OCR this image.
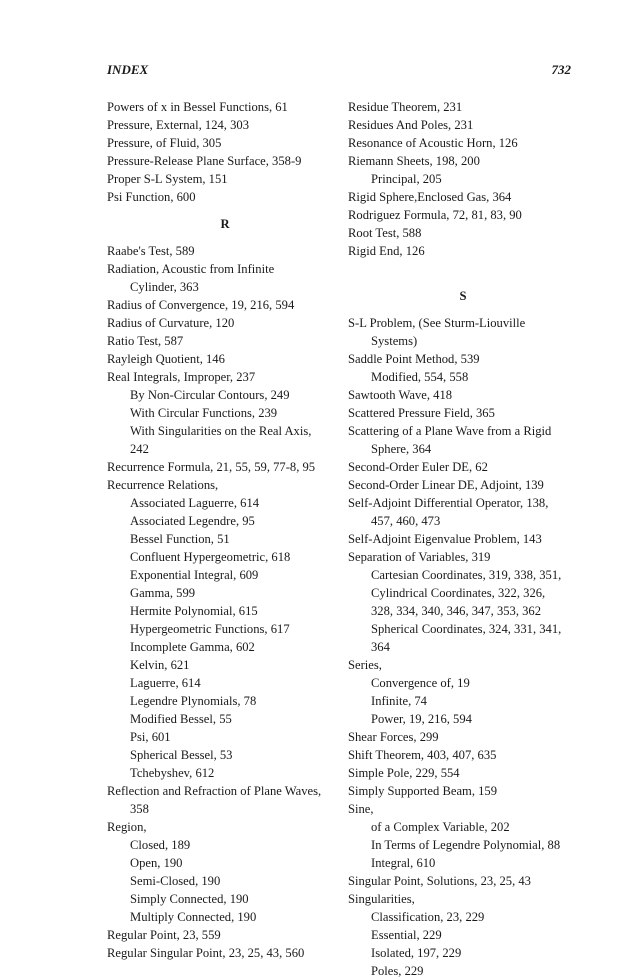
INDEX	732
Powers of x in Bessel Functions, 61
Pressure, External, 124, 303
Pressure, of Fluid, 305
Pressure-Release Plane Surface, 358-9
Proper S-L System, 151
Psi Function, 600
R
Raabe's Test, 589
Radiation, Acoustic from Infinite
Cylinder, 363
Radius of Convergence, 19, 216, 594
Radius of Curvature, 120
Ratio Test, 587
Rayleigh Quotient, 146
Real Integrals, Improper, 237
By Non-Circular Contours, 249
With Circular Functions, 239
With Singularities on the Real Axis,
242
Recurrence Formula, 21, 55, 59, 77-8, 95
Recurrence Relations,
Associated Laguerre, 614
Associated Legendre, 95
Bessel Function, 51
Confluent Hypergeometric, 618
Exponential Integral, 609
Gamma, 599
Hermite Polynomial, 615
Hypergeometric Functions, 617
Incomplete Gamma, 602
Kelvin, 621
Laguerre, 614
Legendre Plynomials, 78
Modified Bessel, 55
Psi, 601
Spherical Bessel, 53
Tchebyshev, 612
Reflection and Refraction of Plane Waves,
358
Region,
Closed, 189
Open, 190
Semi-Closed, 190
Simply Connected, 190
Multiply Connected, 190
Regular Point, 23, 559
Regular Singular Point, 23, 25, 43, 560
Residue Theorem, 231
Residues And Poles, 231
Resonance of Acoustic Horn, 126
Riemann Sheets, 198, 200
Principal, 205
Rigid Sphere,Enclosed Gas, 364
Rodriguez Formula, 72, 81, 83, 90
Root Test, 588
Rigid End, 126
S
S-L Problem, (See Sturm-Liouville
Systems)
Saddle Point Method, 539
Modified, 554, 558
Sawtooth Wave, 418
Scattered Pressure Field, 365
Scattering of a Plane Wave from a Rigid
Sphere, 364
Second-Order Euler DE, 62
Second-Order Linear DE, Adjoint, 139
Self-Adjoint Differential Operator, 138,
457, 460, 473
Self-Adjoint Eigenvalue Problem, 143
Separation of Variables, 319
Cartesian Coordinates, 319, 338, 351,
Cylindrical Coordinates, 322, 326,
328, 334, 340, 346, 347, 353, 362
Spherical Coordinates, 324, 331, 341,
364
Series,
Convergence of, 19
Infinite, 74
Power, 19, 216, 594
Shear Forces, 299
Shift Theorem, 403, 407, 635
Simple Pole, 229, 554
Simply Supported Beam, 159
Sine,
of a Complex Variable, 202
In Terms of Legendre Polynomial, 88
Integral, 610
Singular Point, Solutions, 23, 25, 43
Singularities,
Classification, 23, 229
Essential, 229
Isolated, 197, 229
Poles, 229
